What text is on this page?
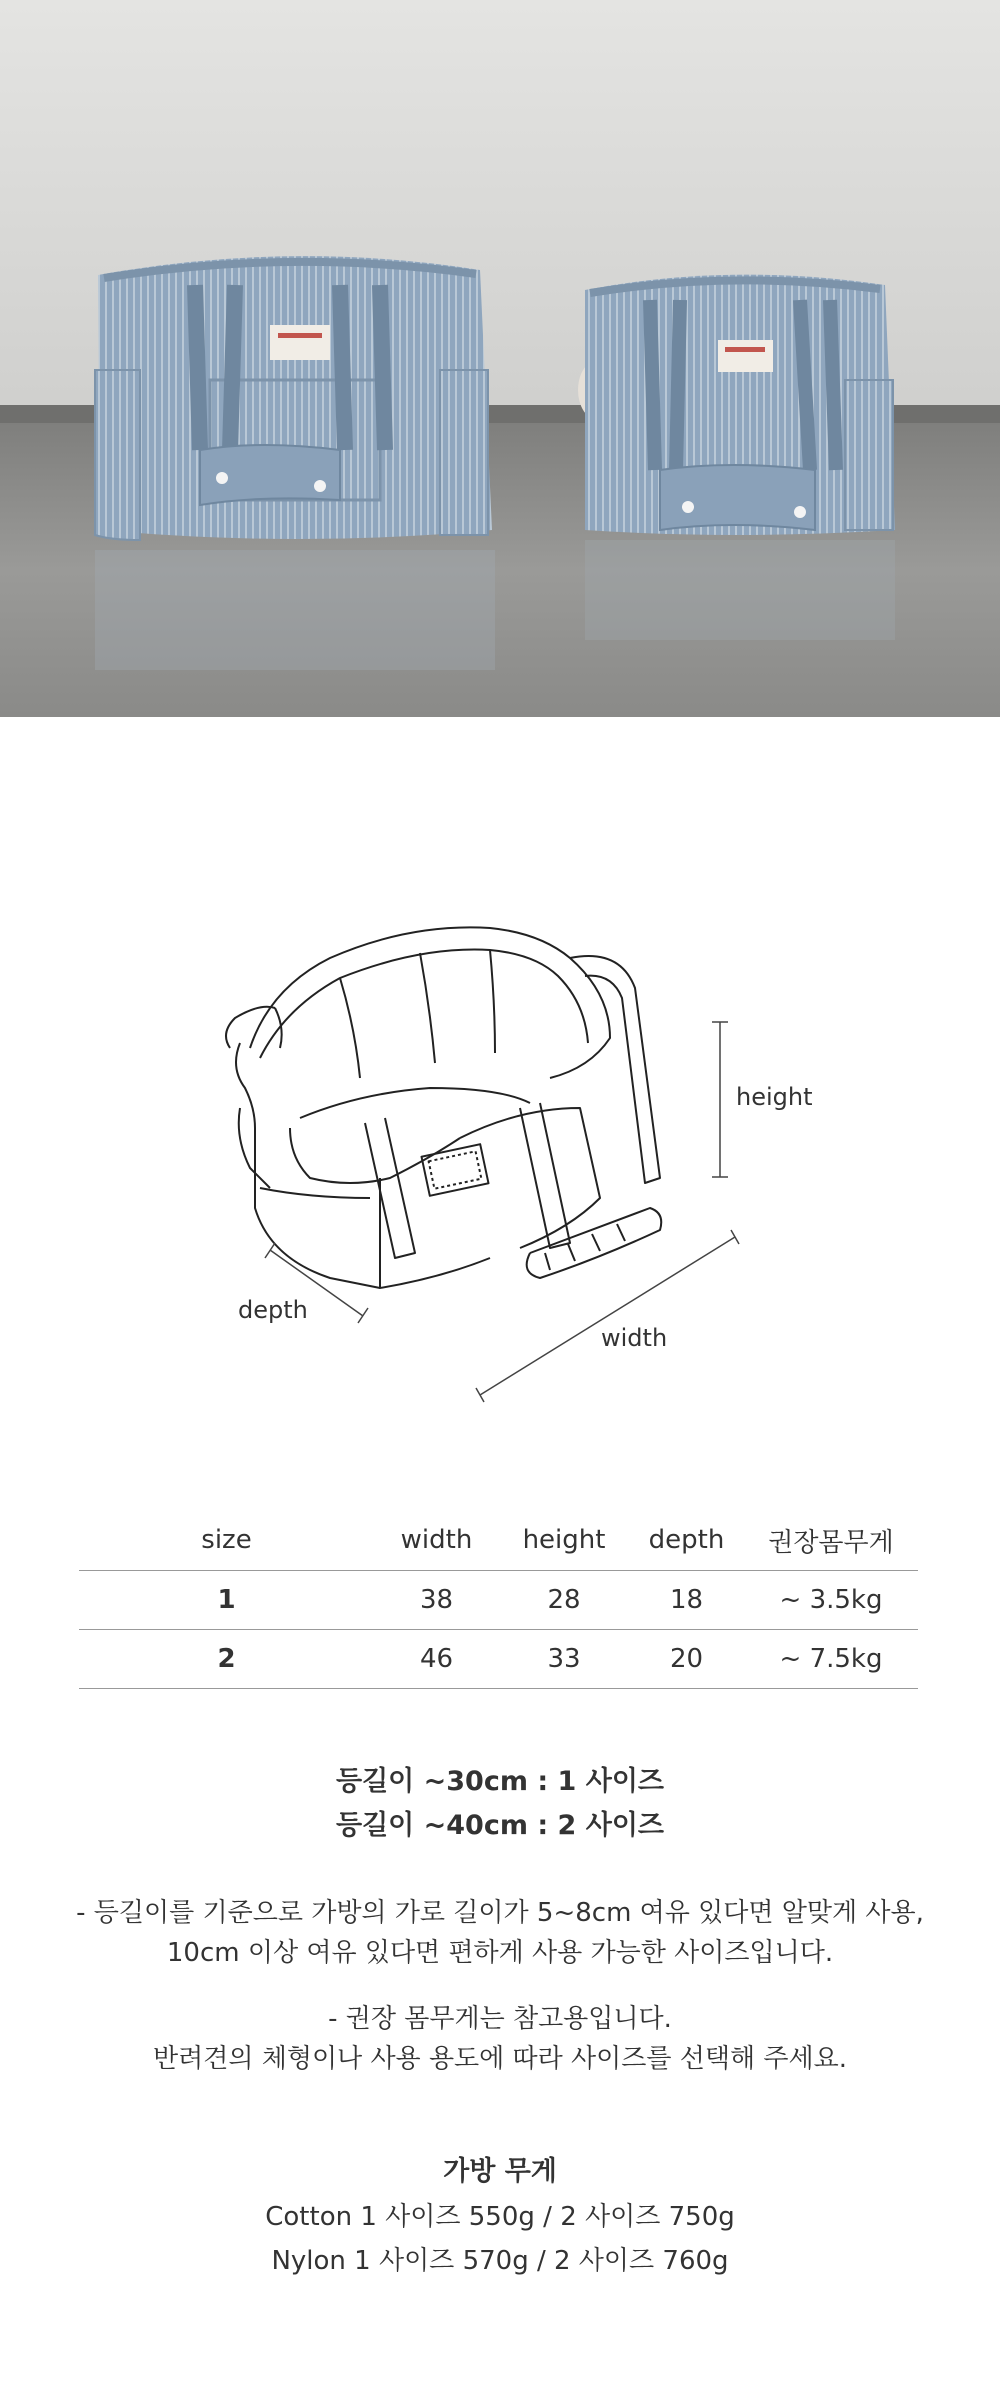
height
depth
width
size	width	height	depth	권장몸무게
1	38	28	18	~ 3.5kg
2	46	33	20	~ 7.5kg
등길이 ~30cm : 1 사이즈
등길이 ~40cm : 2 사이즈
- 등길이를 기준으로 가방의 가로 길이가 5~8cm 여유 있다면 알맞게 사용,
10cm 이상 여유 있다면 편하게 사용 가능한 사이즈입니다.
- 권장 몸무게는 참고용입니다.
반려견의 체형이나 사용 용도에 따라 사이즈를 선택해 주세요.
가방 무게
Cotton 1 사이즈 550g / 2 사이즈 750g
Nylon 1 사이즈 570g / 2 사이즈 760g
